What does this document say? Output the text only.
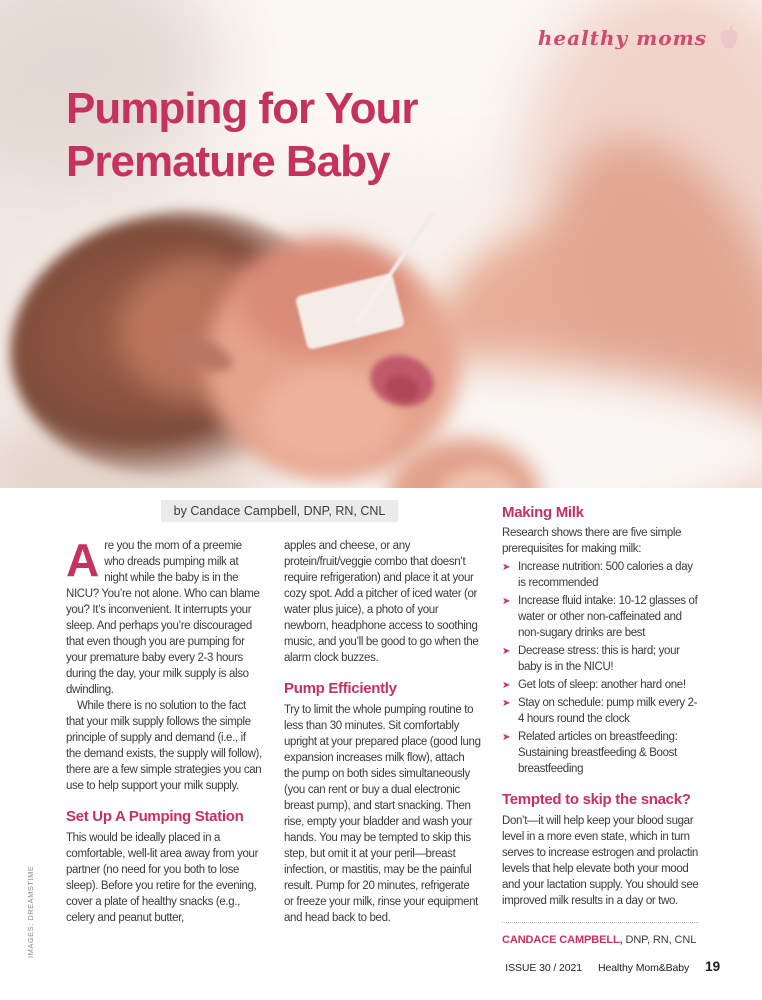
healthy moms
Pumping for Your
Premature Baby
by Candace Campbell, DNP, RN, CNL

Are you the mom of a preemie who dreads pumping milk at night while the baby is in the NICU? You’re not alone. Who can blame you? It’s inconvenient. It interrupts your sleep. And perhaps you’re discouraged that even though you are pumping for your premature baby every 2-3 hours during the day, your milk supply is also dwindling.

While there is no solution to the fact that your milk supply follows the simple principle of supply and demand (i.e., if the demand exists, the supply will follow), there are a few simple strategies you can use to help support your milk supply.

Set Up A Pumping Station

This would be ideally placed in a comfortable, well-lit area away from your partner (no need for you both to lose sleep). Before you retire for the evening, cover a plate of healthy snacks (e.g., celery and peanut butter,

apples and cheese, or any protein/fruit/veggie combo that doesn’t require refrigeration) and place it at your cozy spot. Add a pitcher of iced water (or water plus juice), a photo of your newborn, headphone access to soothing music, and you’ll be good to go when the alarm clock buzzes.

Pump Efficiently

Try to limit the whole pumping routine to less than 30 minutes. Sit comfortably upright at your prepared place (good lung expansion increases milk flow), attach the pump on both sides simultaneously (you can rent or buy a dual electronic breast pump), and start snacking. Then rise, empty your bladder and wash your hands. You may be tempted to skip this step, but omit it at your peril—breast infection, or mastitis, may be the painful result. Pump for 20 minutes, refrigerate or freeze your milk, rinse your equipment and head back to bed.

Making Milk

Research shows there are five simple prerequisites for making milk:

➤ Increase nutrition: 500 calories a day is recommended
➤ Increase fluid intake: 10-12 glasses of water or other non-caffeinated and non-sugary drinks are best
➤ Decrease stress: this is hard; your baby is in the NICU!
➤ Get lots of sleep: another hard one!
➤ Stay on schedule: pump milk every 2-4 hours round the clock
➤ Related articles on breastfeeding: Sustaining breastfeeding & Boost breastfeeding
Tempted to skip the snack?

Don’t—it will help keep your blood sugar level in a more even state, which in turn serves to increase estrogen and prolactin levels that help elevate both your mood and your lactation supply. You should see improved milk results in a day or two.

CANDACE CAMPBELL, DNP, RN, CNL

ISSUE 30 / 2021 Healthy Mom&Baby 19
IMAGES: DREAMSTIME
